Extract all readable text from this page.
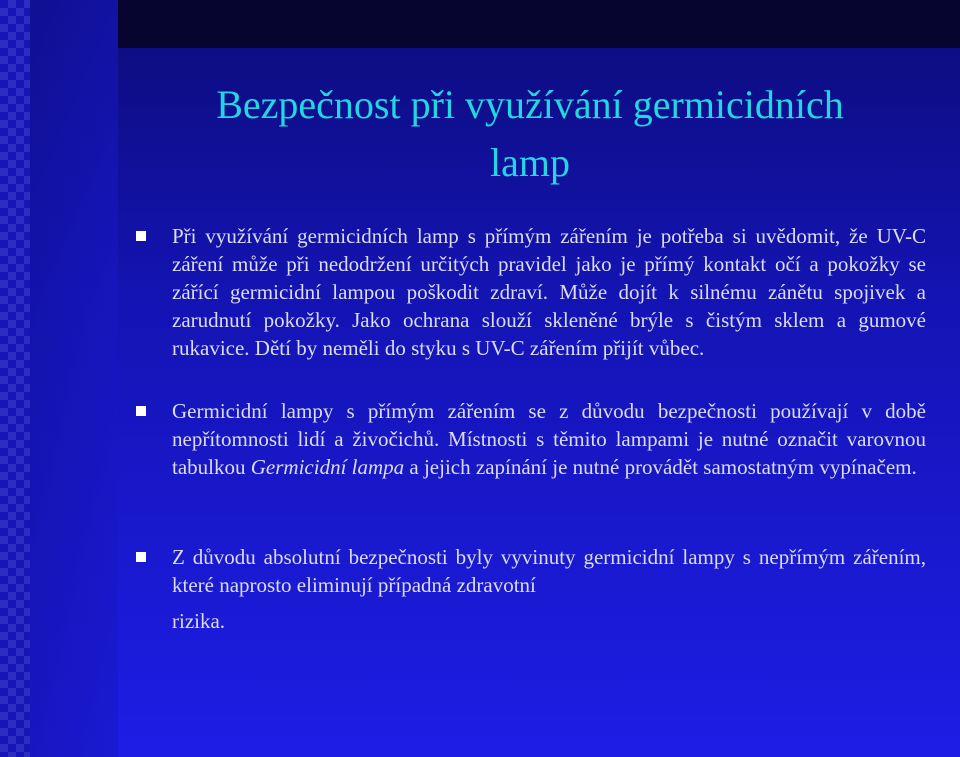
Bezpečnost při využívání germicidních
lamp
Při využívání germicidních lamp s přímým zářením je potřeba si uvědomit, že UV-C záření může při nedodržení určitých pravidel jako je přímý kontakt očí a pokožky se zářící germicidní lampou poškodit zdraví. Může dojít k silnému zánětu spojivek a zarudnutí pokožky. Jako ochrana slouží skleněné brýle s čistým sklem a gumové rukavice. Dětí by neměli do styku s UV-C zářením přijít vůbec.
Germicidní lampy s přímým zářením se z důvodu bezpečnosti používají v době nepřítomnosti lidí a živočichů. Místnosti s těmito lampami je nutné označit varovnou tabulkou Germicidní lampa a jejich zapínání je nutné provádět samostatným vypínačem.
Z důvodu absolutní bezpečnosti byly vyvinuty germicidní lampy s nepřímým zářením, které naprosto eliminují případná zdravotní
rizika.
